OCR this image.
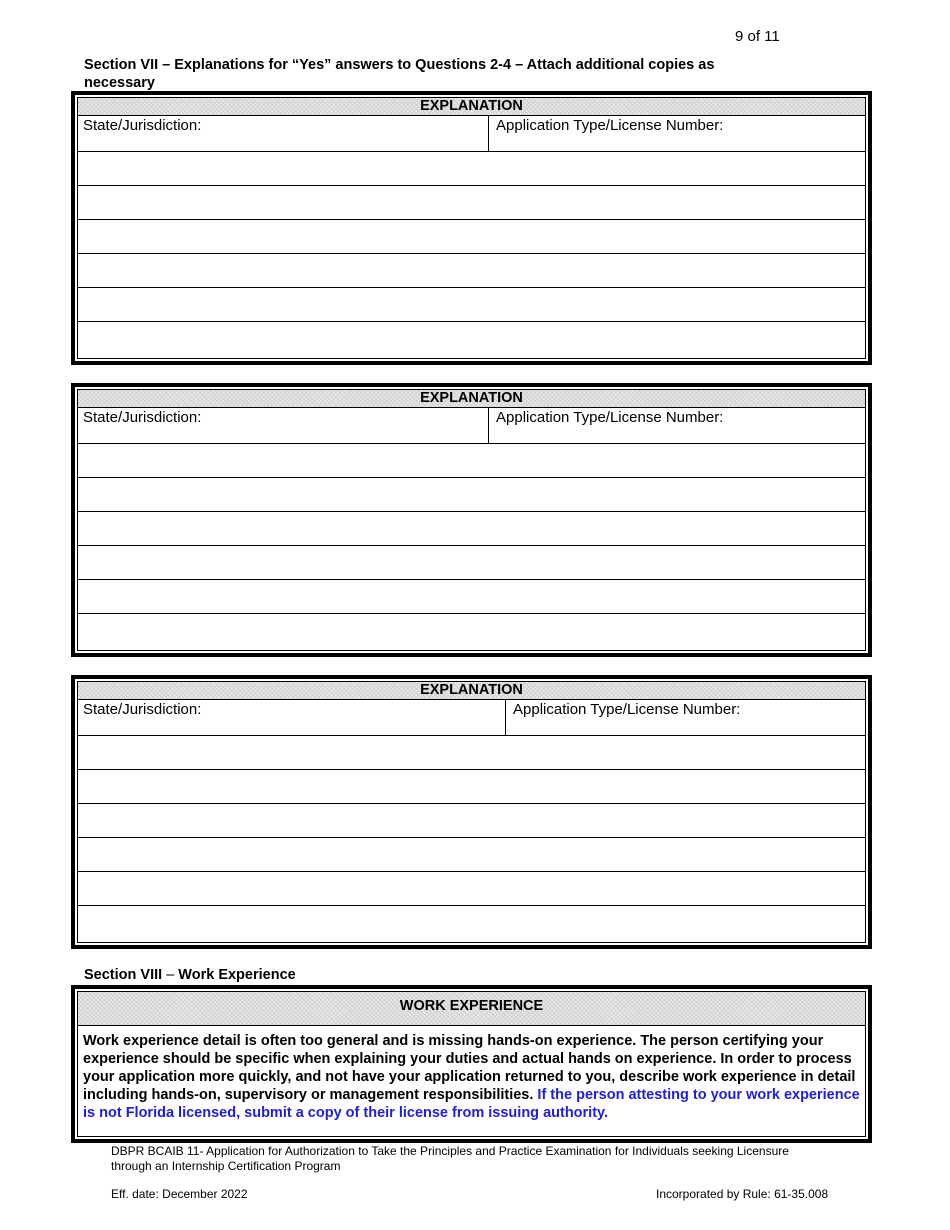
9 of 11
Section VII – Explanations for “Yes” answers to Questions 2-4 – Attach additional copies as necessary
EXPLANATION
State/Jurisdiction:	Application Type/License Number:
EXPLANATION
State/Jurisdiction:	Application Type/License Number:
EXPLANATION
State/Jurisdiction:	Application Type/License Number:
Section VIII – Work Experience
WORK EXPERIENCE
Work experience detail is often too general and is missing hands-on experience. The person certifying your experience should be specific when explaining your duties and actual hands on experience. In order to process your application more quickly, and not have your application returned to you, describe work experience in detail including hands-on, supervisory or management responsibilities. If the person attesting to your work experience is not Florida licensed, submit a copy of their license from issuing authority.
DBPR BCAIB 11- Application for Authorization to Take the Principles and Practice Examination for Individuals seeking Licensure through an Internship Certification Program
Eff. date: December 2022	Incorporated by Rule: 61-35.008
